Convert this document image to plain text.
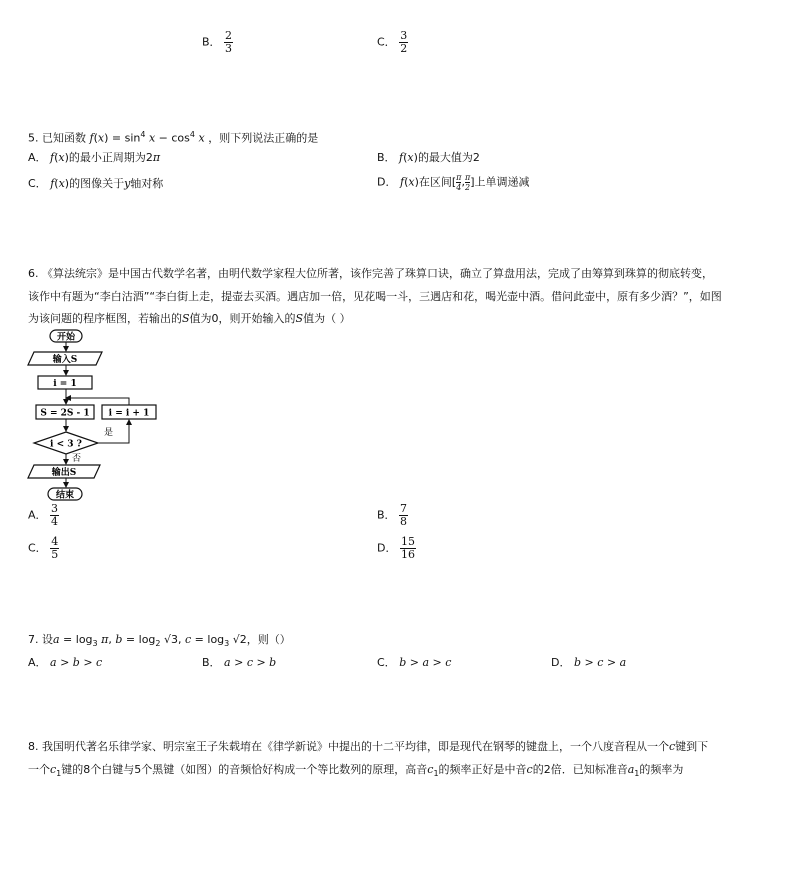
B． $\frac{2}{3}$	C． $\frac{3}{2}$
5. 已知函数 $f(x) = \sin^4 x - \cos^4 x$ ，则下列说法正确的是
A． f(x)的最小正周期为2π	B． f(x)的最大值为2
C． f(x)的图像关于y轴对称	D． f(x)在区间[ $\frac{\pi}{4}$ , $\frac{\pi}{2}$ ]上单调递减
6. 《算法统宗》是中国古代数学名著，由明代数学家程大位所著，该作完善了珠算口诀，确立了算盘用法，完成了由筹算到珠算的彻底转变，
该作中有题为“李白沽酒”“李白街上走，提壶去买酒。遇店加一倍，见花喝一斗，三遇店和花，喝光壶中酒。借问此壶中，原有多少酒？”，如图
为该问题的程序框图，若输出的S值为0，则开始输入的S值为（ ）
开始
输入S
i = 1
S = 2S - 1 i = i + 1
i < 3 ?
是
否
输出S
结束
A． $\frac{3}{4}$	B． $\frac{7}{8}$
C． $\frac{4}{5}$	D． $\frac{15}{16}$
7. 设$a = \log_3 \pi$, $b = \log_2 √3$, $c = \log_3 √2$，则（）
A． a > b > c	B． a > c > b	C． b > a > c	D． b > c > a
8. 我国明代著名乐律学家、明宗室王子朱载堉在《律学新说》中提出的十二平均律，即是现代在钢琴的键盘上，一个八度音程从一个c键到下
一个$c_1$键的8个白键与5个黑键（如图）的音频恰好构成一个等比数列的原理，高音$c_1$的频率正好是中音c的2倍．已知标准音$a_1$的频率为
